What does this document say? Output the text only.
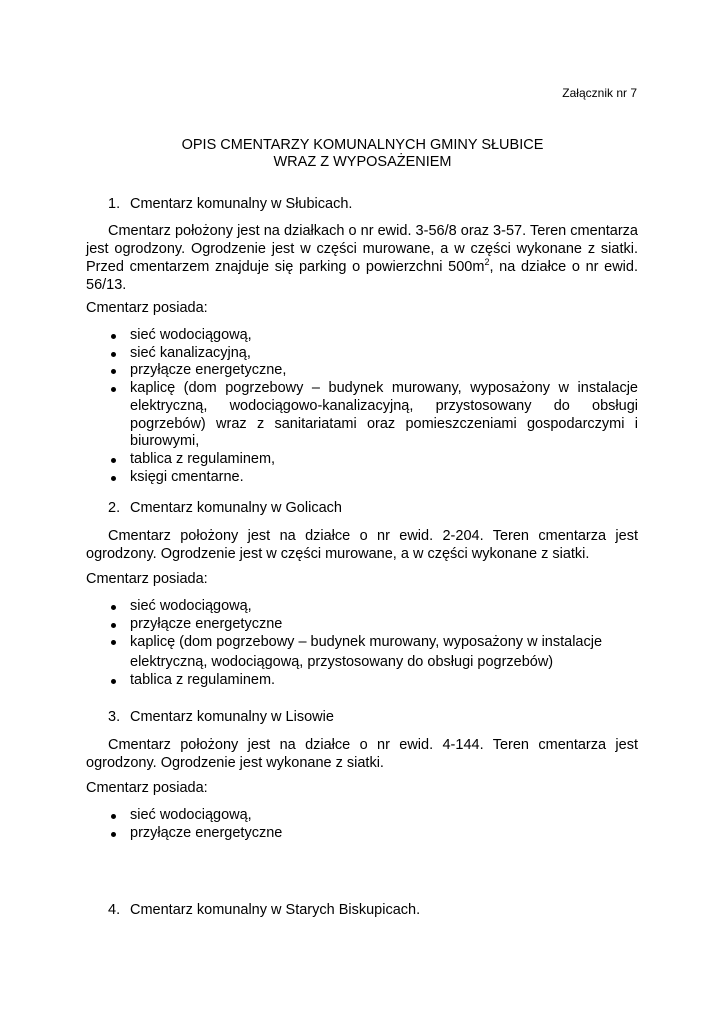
Załącznik nr 7
OPIS CMENTARZY KOMUNALNYCH GMINY SŁUBICE
WRAZ Z WYPOSAŻENIEM
1. Cmentarz komunalny w Słubicach.
Cmentarz położony jest na działkach o nr ewid. 3-56/8 oraz 3-57. Teren cmentarza jest ogrodzony. Ogrodzenie jest w części murowane, a w części wykonane z siatki. Przed cmentarzem znajduje się parking o powierzchni $500m^2$, na działce o nr ewid. 56/13.
Cmentarz posiada:
sieć wodociągową,
sieć kanalizacyjną,
przyłącze energetyczne,
kaplicę (dom pogrzebowy – budynek murowany, wyposażony w instalacje elektryczną, wodociągowo-kanalizacyjną, przystosowany do obsługi pogrzebów) wraz z sanitariatami oraz pomieszczeniami gospodarczymi i biurowymi,
tablica z regulaminem,
księgi cmentarne.
2. Cmentarz komunalny w Golicach
Cmentarz położony jest na działce o nr ewid. 2-204. Teren cmentarza jest ogrodzony. Ogrodzenie jest w części murowane, a w części wykonane z siatki.
Cmentarz posiada:
sieć wodociągową,
przyłącze energetyczne
kaplicę (dom pogrzebowy – budynek murowany, wyposażony w instalacje elektryczną, wodociągową, przystosowany do obsługi pogrzebów)
tablica z regulaminem.
3. Cmentarz komunalny w Lisowie
Cmentarz położony jest na działce o nr ewid. 4-144. Teren cmentarza jest ogrodzony. Ogrodzenie jest wykonane z siatki.
Cmentarz posiada:
sieć wodociągową,
przyłącze energetyczne
4. Cmentarz komunalny w Starych Biskupicach.
